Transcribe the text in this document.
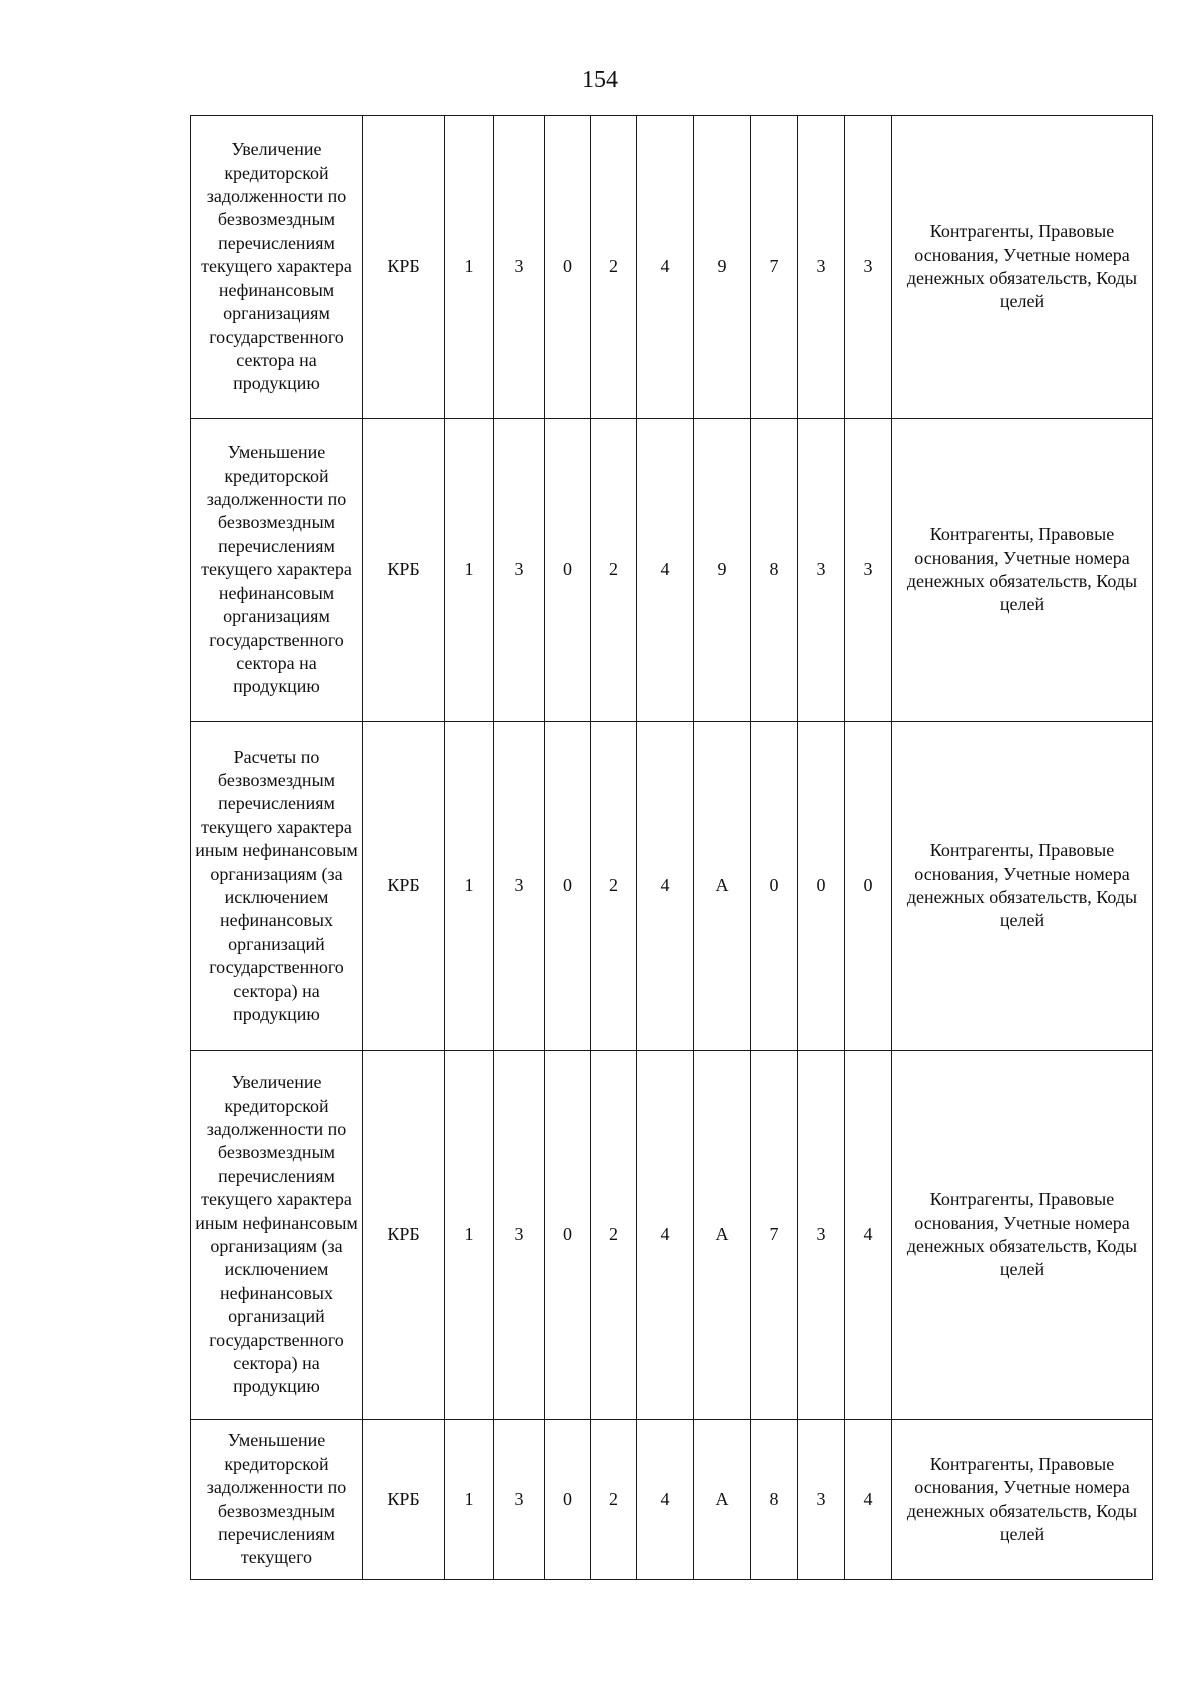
154
Увеличение кредиторской задолженности по безвозмездным перечислениям текущего характера нефинансовым организациям государственного сектора на продукцию	КРБ	1	3	0	2	4	9	7	3	3	Контрагенты, Правовые основания, Учетные номера денежных обязательств, Коды целей

Уменьшение кредиторской задолженности по безвозмездным перечислениям текущего характера нефинансовым организациям государственного сектора на продукцию	КРБ	1	3	0	2	4	9	8	3	3	Контрагенты, Правовые основания, Учетные номера денежных обязательств, Коды целей

Расчеты по безвозмездным перечислениям текущего характера иным нефинансовым организациям (за исключением нефинансовых организаций государственного сектора) на продукцию	КРБ	1	3	0	2	4	А	0	0	0	Контрагенты, Правовые основания, Учетные номера денежных обязательств, Коды целей

Увеличение кредиторской задолженности по безвозмездным перечислениям текущего характера иным нефинансовым организациям (за исключением нефинансовых организаций государственного сектора) на продукцию	КРБ	1	3	0	2	4	А	7	3	4	Контрагенты, Правовые основания, Учетные номера денежных обязательств, Коды целей

Уменьшение кредиторской задолженности по безвозмездным перечислениям текущего	КРБ	1	3	0	2	4	А	8	3	4	Контрагенты, Правовые основания, Учетные номера денежных обязательств, Коды целей
